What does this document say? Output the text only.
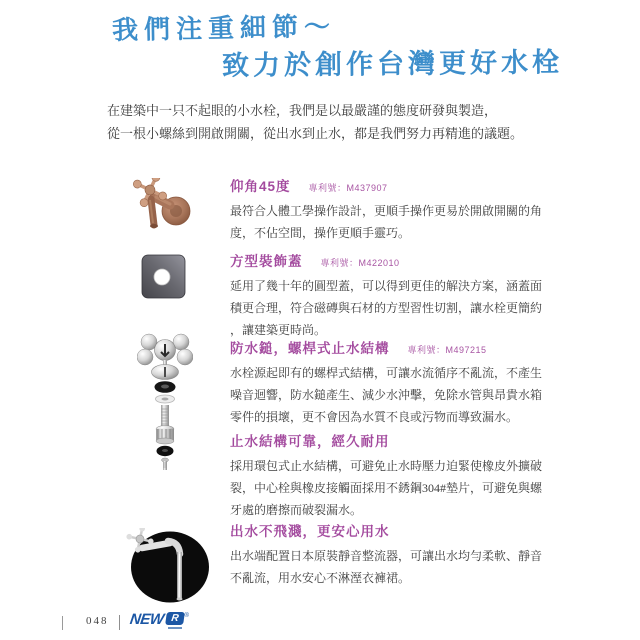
我們注重細節～
致力於創作台灣更好水栓

在建築中一只不起眼的小水栓，我們是以最嚴謹的態度研發與製造，
從一根小螺絲到開啟開關，從出水到止水，都是我們努力再精進的議題。

仰角45度 專利號：M437907

最符合人體工學操作設計，更順手操作更易於開啟開關的角度，不佔空間，操作更順手靈巧。

方型裝飾蓋 專利號：M422010

延用了幾十年的圓型蓋，可以得到更佳的解決方案，涵蓋面積更合理，符合磁磚與石材的方型習性切割，讓水栓更簡約，讓建築更時尚。

防水鎚，螺桿式止水結構 專利號：M497215

水栓源起即有的螺桿式結構，可讓水流循序不亂流，不產生噪音迴響，防水鎚產生、減少水沖擊，免除水管與昂貴水箱零件的損壞，更不會因為水質不良或污物而導致漏水。

止水結構可靠，經久耐用

採用環包式止水結構，可避免止水時壓力迫緊使橡皮外擴破裂，中心栓與橡皮接觸面採用不銹鋼304#墊片，可避免與螺牙處的磨擦而破裂漏水。

出水不飛濺，更安心用水

出水端配置日本原裝靜音整流器，可讓出水均勻柔軟、靜音不亂流，用水安心不淋溼衣褲裙。

048 NEW R ®
